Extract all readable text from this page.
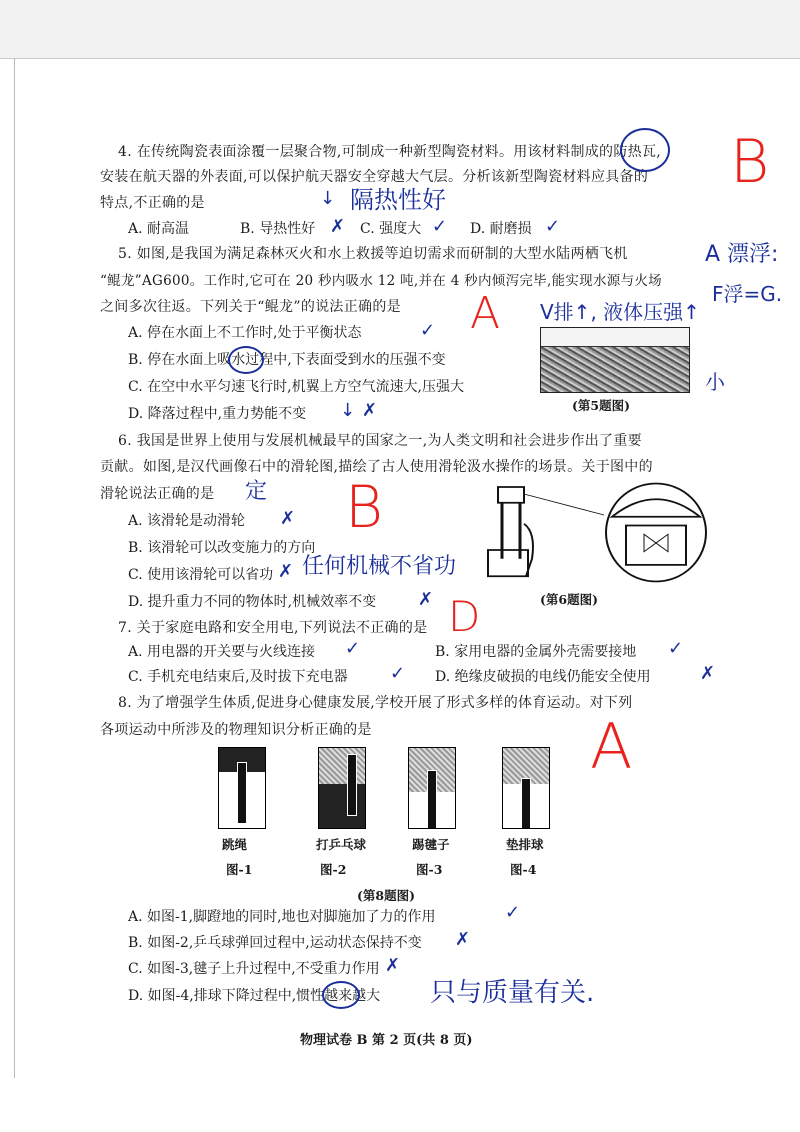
4. 在传统陶瓷表面涂覆一层聚合物,可制成一种新型陶瓷材料。用该材料制成的防热瓦,
安装在航天器的外表面,可以保护航天器安全穿越大气层。分析该新型陶瓷材料应具备的
特点,不正确的是
A. 耐高温	B. 导热性好	C. 强度大	D. 耐磨损
5. 如图,是我国为满足森林灭火和水上救援等迫切需求而研制的大型水陆两栖飞机
“鲲龙”AG600。工作时,它可在 20 秒内吸水 12 吨,并在 4 秒内倾泻完毕,能实现水源与火场
之间多次往返。下列关于“鲲龙”的说法正确的是
A. 停在水面上不工作时,处于平衡状态
B. 停在水面上吸水过程中,下表面受到水的压强不变
C. 在空中水平匀速飞行时,机翼上方空气流速大,压强大
D. 降落过程中,重力势能不变
(第5题图)
6. 我国是世界上使用与发展机械最早的国家之一,为人类文明和社会进步作出了重要
贡献。如图,是汉代画像石中的滑轮图,描绘了古人使用滑轮汲水操作的场景。关于图中的
滑轮说法正确的是
A. 该滑轮是动滑轮
B. 该滑轮可以改变施力的方向
C. 使用该滑轮可以省功
D. 提升重力不同的物体时,机械效率不变	(第6题图)
7. 关于家庭电路和安全用电,下列说法不正确的是
A. 用电器的开关要与火线连接	B. 家用电器的金属外壳需要接地
C. 手机充电结束后,及时拔下充电器	D. 绝缘皮破损的电线仍能安全使用
8. 为了增强学生体质,促进身心健康发展,学校开展了形式多样的体育运动。对下列
各项运动中所涉及的物理知识分析正确的是
跳绳	打乒乓球	踢毽子	垫排球
图-1	图-2	图-3	图-4
(第8题图)
A. 如图-1,脚蹬地的同时,地也对脚施加了力的作用
B. 如图-2,乒乓球弹回过程中,运动状态保持不变
C. 如图-3,毽子上升过程中,不受重力作用
D. 如图-4,排球下降过程中,惯性越来越大
物理试卷 B 第 2 页(共 8 页)
B
A
B
D
A
隔热性好
↓
✗	✓	✓
A 漂浮:
F浮=G.
✓
V排↑, 液体压强↑
小
↓ ✗
定
✗
✗ 任何机械不省功
✗
✓	✓
✓	✗
✓
✗
✗
只与质量有关.
